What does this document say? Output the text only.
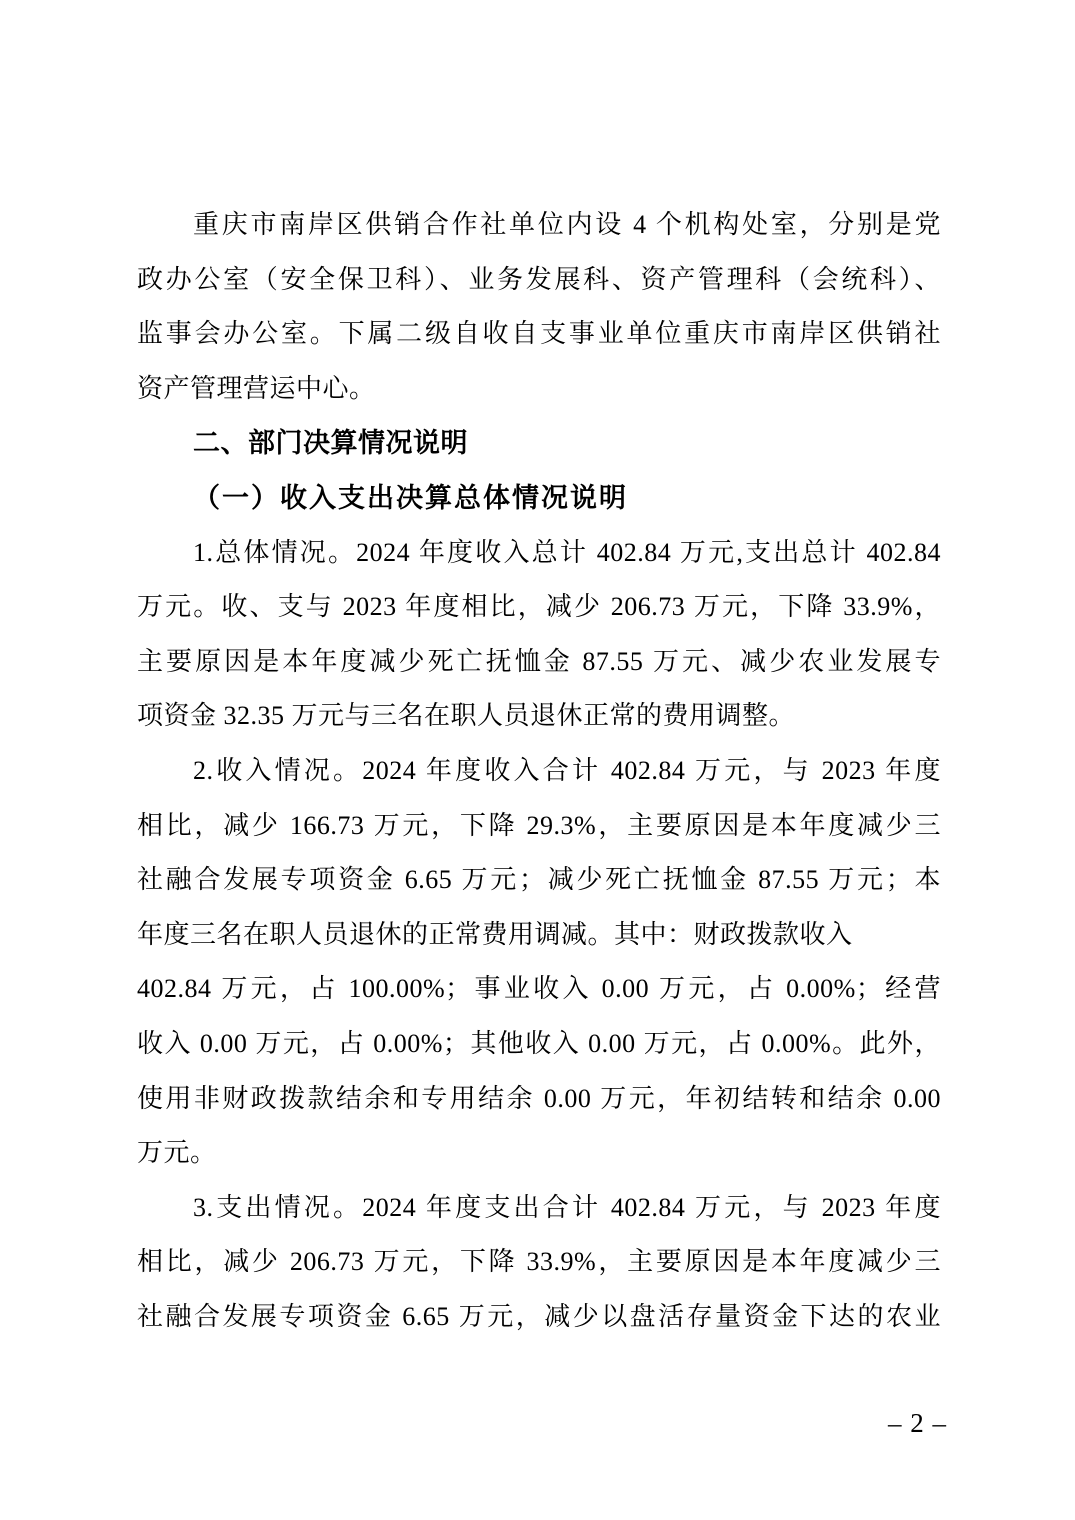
重庆市南岸区供销合作社单位内设 4 个机构处室，分别是党
政办公室（安全保卫科）、业务发展科、资产管理科（会统科）、
监事会办公室。下属二级自收自支事业单位重庆市南岸区供销社
资产管理营运中心。
二、部门决算情况说明
（一）收入支出决算总体情况说明
1.总体情况。2024 年度收入总计 402.84 万元,支出总计 402.84
万元。收、支与 2023 年度相比，减少 206.73 万元，下降 33.9%，
主要原因是本年度减少死亡抚恤金 87.55 万元、减少农业发展专
项资金 32.35 万元与三名在职人员退休正常的费用调整。
2.收入情况。2024 年度收入合计 402.84 万元，与 2023 年度
相比，减少 166.73 万元，下降 29.3%，主要原因是本年度减少三
社融合发展专项资金 6.65 万元；减少死亡抚恤金 87.55 万元；本
年度三名在职人员退休的正常费用调减。其中：财政拨款收入
402.84 万元，占 100.00%；事业收入 0.00 万元，占 0.00%；经营
收入 0.00 万元，占 0.00%；其他收入 0.00 万元，占 0.00%。此外，
使用非财政拨款结余和专用结余 0.00 万元，年初结转和结余 0.00
万元。
3.支出情况。2024 年度支出合计 402.84 万元，与 2023 年度
相比，减少 206.73 万元，下降 33.9%，主要原因是本年度减少三
社融合发展专项资金 6.65 万元，减少以盘活存量资金下达的农业
– 2 –
